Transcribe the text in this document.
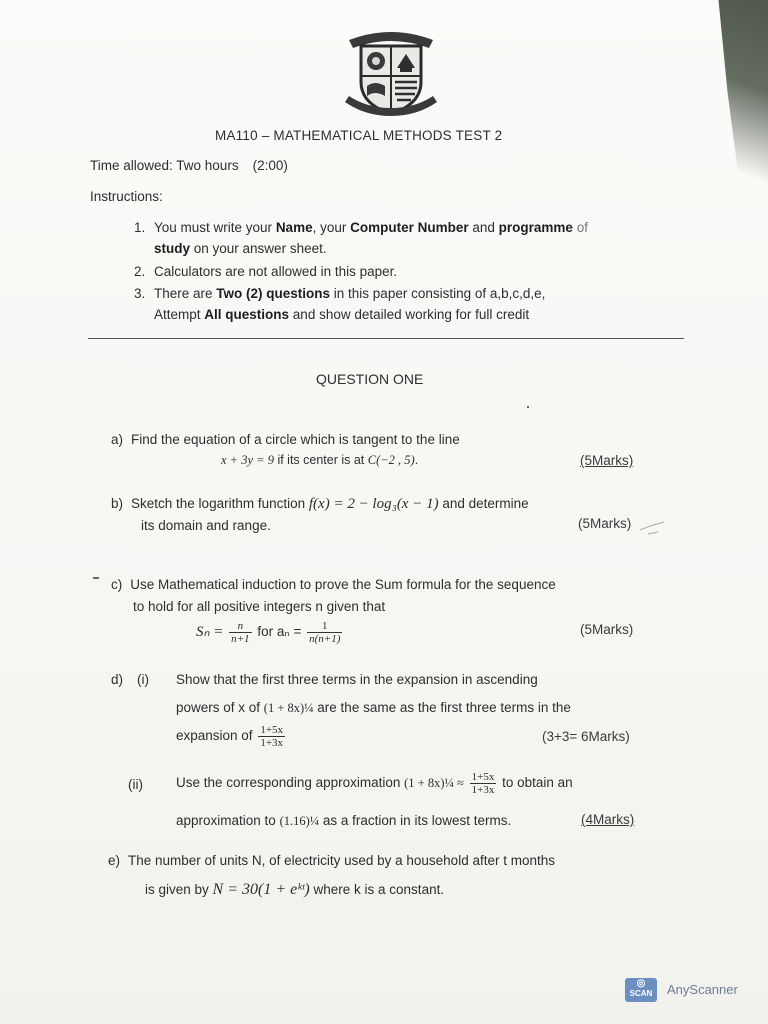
MA110 – MATHEMATICAL METHODS TEST 2
Time allowed: Two hours (2:00)
Instructions:
1. You must write your Name, your Computer Number and programme of
study on your answer sheet.
2. Calculators are not allowed in this paper.
3. There are Two (2) questions in this paper consisting of a,b,c,d,e,
Attempt All questions and show detailed working for full credit
QUESTION ONE
a) Find the equation of a circle which is tangent to the line
x + 3y = 9 if its center is at C(−2 , 5).	(5Marks)
b) Sketch the logarithm function f(x) = 2 − log₃(x − 1) and determine
its domain and range.	(5Marks)
c) Use Mathematical induction to prove the Sum formula for the sequence
to hold for all positive integers n given that
$S_n = \frac{n}{n+1}$ for $a_n = \frac{1}{n(n+1)}$	(5Marks)
d) (i) Show that the first three terms in the expansion in ascending
powers of x of (1 + 8x)¼ are the same as the first three terms in the
expansion of $\frac{1+5x}{1+3x}$	(3+3= 6Marks)
(ii) Use the corresponding approximation (1 + 8x)¼ ≈ $\frac{1+5x}{1+3x}$ to obtain an
approximation to (1.16)¼ as a fraction in its lowest terms.	(4Marks)
e) The number of units N, of electricity used by a household after t months
is given by N = 30(1 + eᵏᵗ) where k is a constant.
◎
SCAN	AnyScanner
